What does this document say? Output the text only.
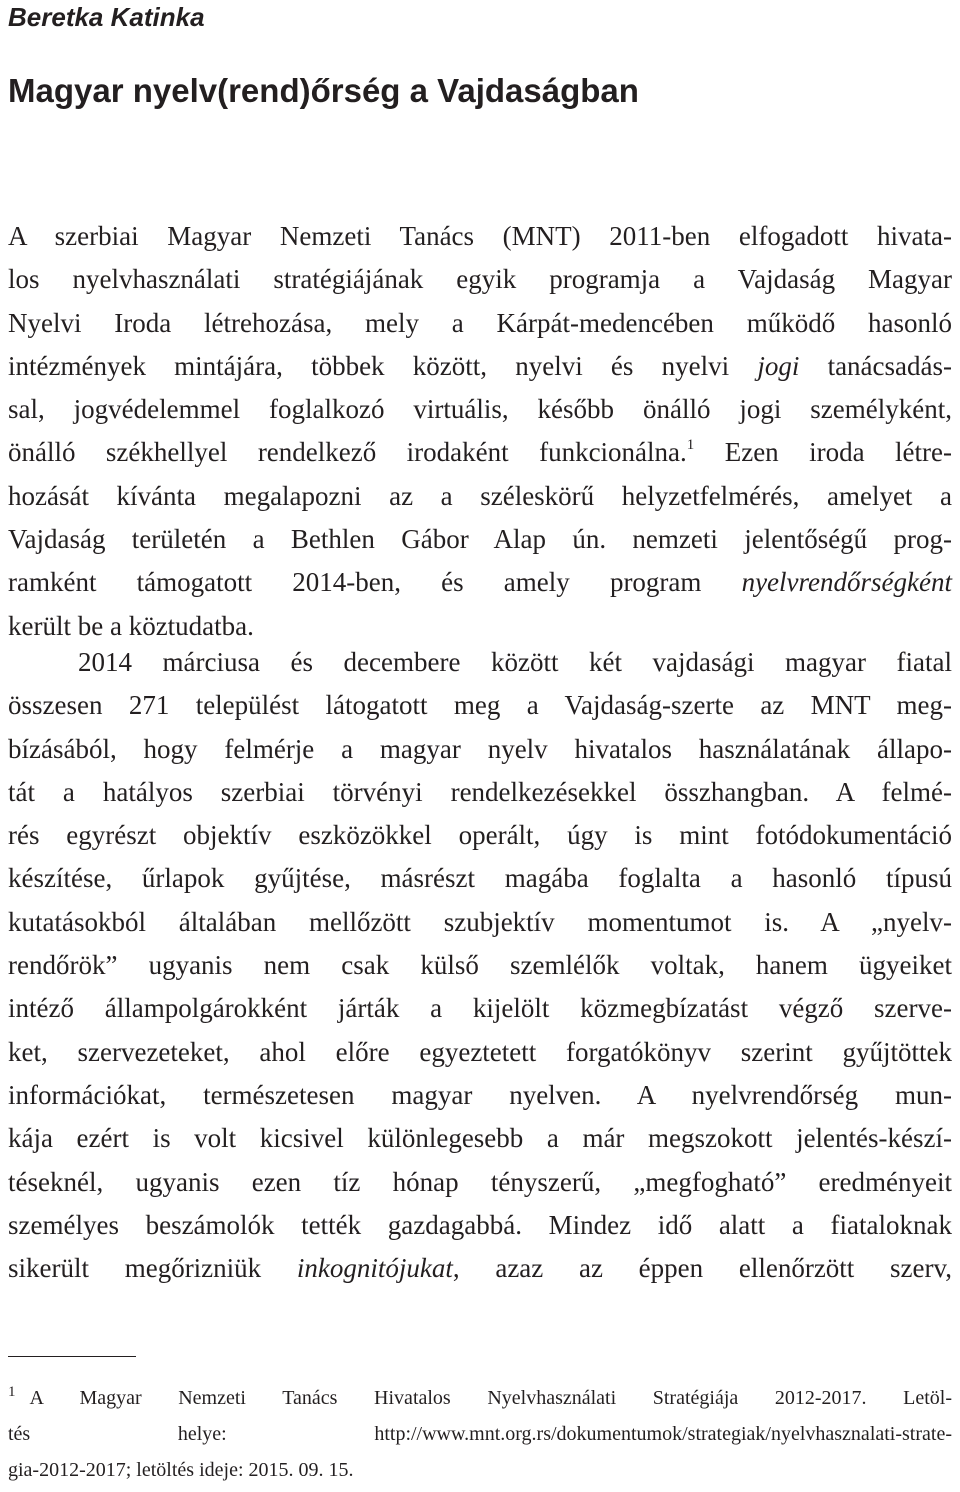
Beretka Katinka

Magyar nyelv(rend)őrség a Vajdaságban
A szerbiai Magyar Nemzeti Tanács (MNT) 2011-ben elfogadott hivata-
los nyelvhasználati stratégiájának egyik programja a Vajdaság Magyar
Nyelvi Iroda létrehozása, mely a Kárpát-medencében működő hasonló
intézmények mintájára, többek között, nyelvi és nyelvi jogi tanácsadás-
sal, jogvédelemmel foglalkozó virtuális, később önálló jogi személyként,
önálló székhellyel rendelkező irodaként funkcionálna.$^1$ Ezen iroda létre-
hozását kívánta megalapozni az a széleskörű helyzetfelmérés, amelyet a
Vajdaság területén a Bethlen Gábor Alap ún. nemzeti jelentőségű prog-
ramként támogatott 2014-ben, és amely program nyelvrendőrségként
került be a köztudatba.
2014 márciusa és decembere között két vajdasági magyar fiatal
összesen 271 települést látogatott meg a Vajdaság-szerte az MNT meg-
bízásából, hogy felmérje a magyar nyelv hivatalos használatának állapo-
tát a hatályos szerbiai törvényi rendelkezésekkel összhangban. A felmé-
rés egyrészt objektív eszközökkel operált, úgy is mint fotódokumentáció
készítése, űrlapok gyűjtése, másrészt magába foglalta a hasonló típusú
kutatásokból általában mellőzött szubjektív momentumot is. A „nyelv-
rendőrök” ugyanis nem csak külső szemlélők voltak, hanem ügyeiket
intéző állampolgárokként járták a kijelölt közmegbízatást végző szerve-
ket, szervezeteket, ahol előre egyeztetett forgatókönyv szerint gyűjtöttek
információkat, természetesen magyar nyelven. A nyelvrendőrség mun-
kája ezért is volt kicsivel különlegesebb a már megszokott jelentés-készí-
téseknél, ugyanis ezen tíz hónap tényszerű, „megfogható” eredményeit
személyes beszámolók tették gazdagabbá. Mindez idő alatt a fiataloknak
sikerült megőrizniük inkognitójukat, azaz az éppen ellenőrzött szerv,
$^1$ A Magyar Nemzeti Tanács Hivatalos Nyelvhasználati Stratégiája 2012-2017. Letöl-
tés helye: http://www.mnt.org.rs/dokumentumok/strategiak/nyelvhasznalati-strate-
gia-2012-2017; letöltés ideje: 2015. 09. 15.
